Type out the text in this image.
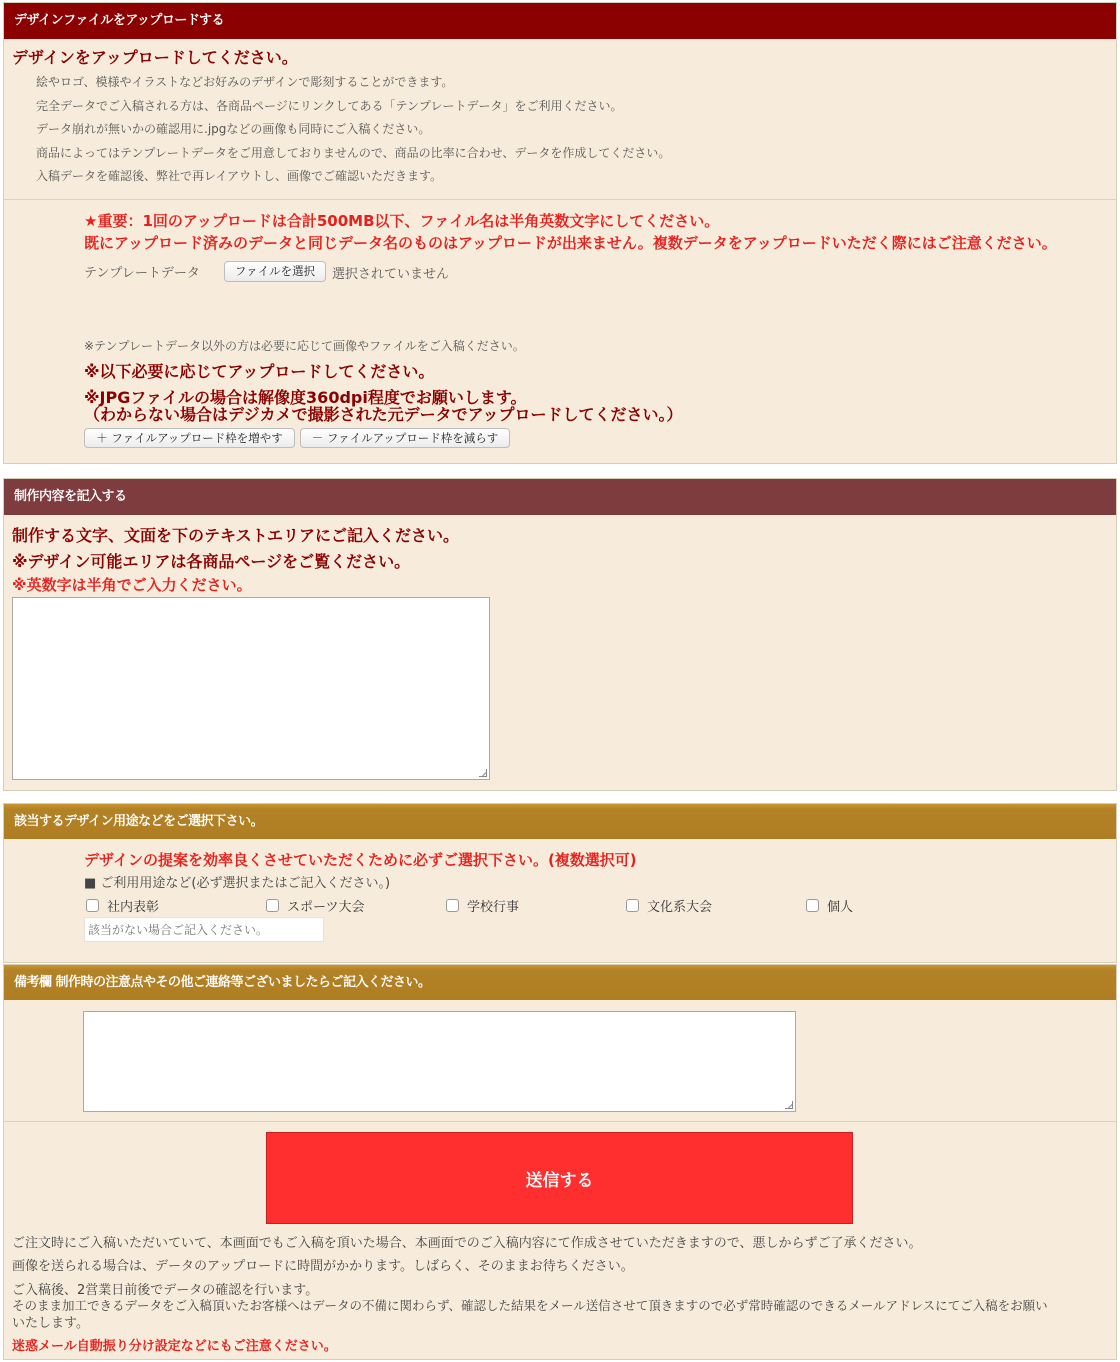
デザインファイルをアップロードする
デザインをアップロードしてください。
絵やロゴ、模様やイラストなどお好みのデザインで彫刻することができます。
完全データでご入稿される方は、各商品ページにリンクしてある「テンプレートデータ」をご利用ください。
データ崩れが無いかの確認用に.jpgなどの画像も同時にご入稿ください。
商品によってはテンプレートデータをご用意しておりませんので、商品の比率に合わせ、データを作成してください。
入稿データを確認後、弊社で再レイアウトし、画像でご確認いただきます。
★重要：1回のアップロードは合計500MB以下、ファイル名は半角英数文字にしてください。
既にアップロード済みのデータと同じデータ名のものはアップロードが出来ません。複数データをアップロードいただく際にはご注意ください。
テンプレートデータ	ファイルを選択	選択されていません
※テンプレートデータ以外の方は必要に応じて画像やファイルをご入稿ください。
※以下必要に応じてアップロードしてください。
※JPGファイルの場合は解像度360dpi程度でお願いします。
（わからない場合はデジカメで撮影された元データでアップロードしてください。）
＋ ファイルアップロード枠を増やす	－ ファイルアップロード枠を減らす
制作内容を記入する
制作する文字、文面を下のテキストエリアにご記入ください。
※デザイン可能エリアは各商品ページをご覧ください。
※英数字は半角でご入力ください。
該当するデザイン用途などをご選択下さい。
デザインの提案を効率良くさせていただくために必ずご選択下さい。(複数選択可)
■ ご利用用途など(必ず選択またはご記入ください。)
社内表彰	スポーツ大会	学校行事	文化系大会	個人
該当がない場合ご記入ください。
備考欄 制作時の注意点やその他ご連絡等ございましたらご記入ください。
送信する
ご注文時にご入稿いただいていて、本画面でもご入稿を頂いた場合、本画面でのご入稿内容にて作成させていただきますので、悪しからずご了承ください。
画像を送られる場合は、データのアップロードに時間がかかります。しばらく、そのままお待ちください。
ご入稿後、2営業日前後でデータの確認を行います。
そのまま加工できるデータをご入稿頂いたお客様へはデータの不備に関わらず、確認した結果をメール送信させて頂きますので必ず常時確認のできるメールアドレスにてご入稿をお願い
いたします。
迷惑メール自動振り分け設定などにもご注意ください。
